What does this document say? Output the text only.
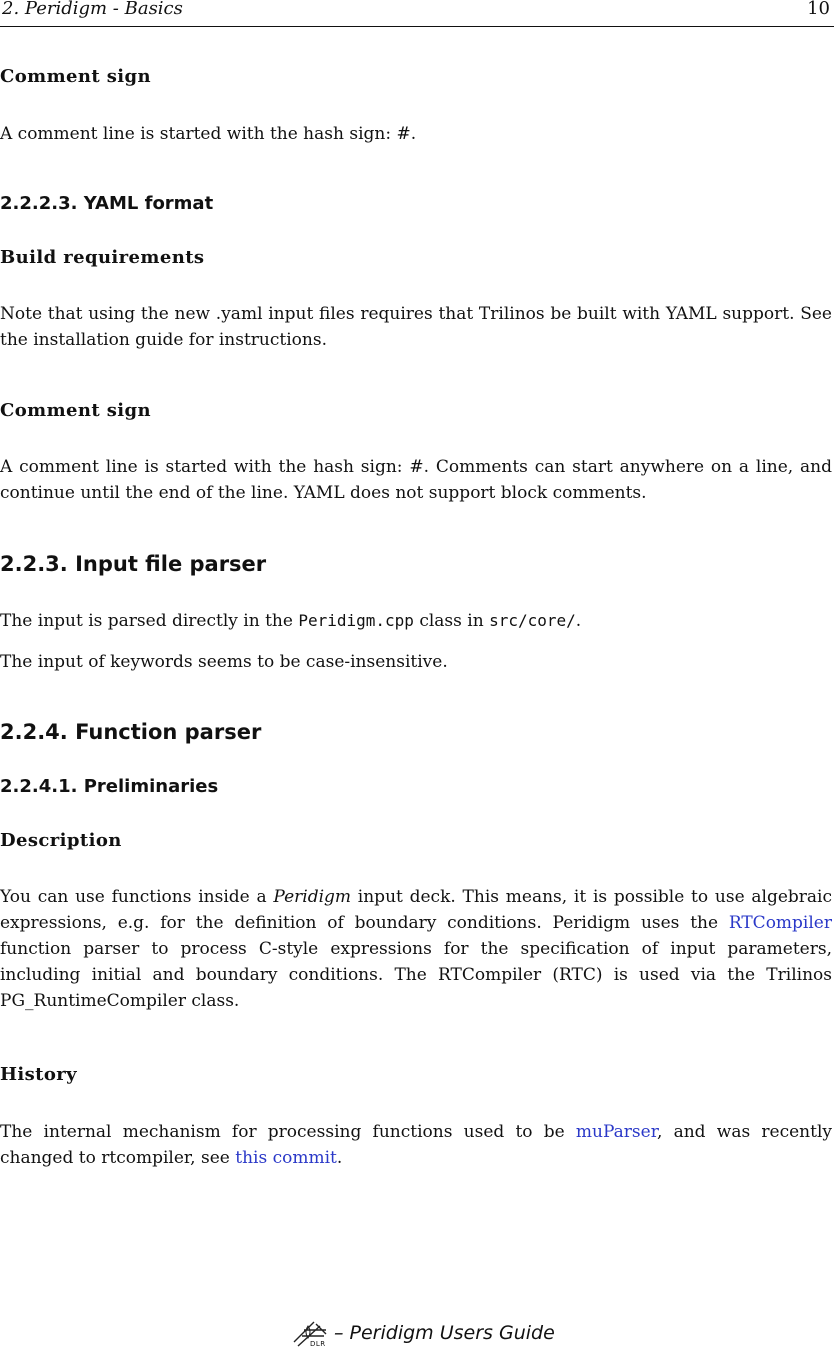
2. Peridigm - Basics	10
Comment sign
A comment line is started with the hash sign: #.
2.2.2.3. YAML format
Build requirements
Note that using the new .yaml input files requires that Trilinos be built with YAML support. See the installation guide for instructions.
Comment sign
A comment line is started with the hash sign: #. Comments can start anywhere on a line, and continue until the end of the line. YAML does not support block comments.
2.2.3. Input file parser
The input is parsed directly in the Peridigm.cpp class in src/core/.
The input of keywords seems to be case-insensitive.
2.2.4. Function parser
2.2.4.1. Preliminaries
Description
You can use functions inside a Peridigm input deck. This means, it is possible to use algebraic expressions, e.g. for the definition of boundary conditions. Peridigm uses the RTCompiler function parser to process C-style expressions for the specification of input parameters, including initial and boundary conditions. The RTCompiler (RTC) is used via the Trilinos PG_RuntimeCompiler class.
History
The internal mechanism for processing functions used to be muParser, and was recently changed to rtcompiler, see this commit.
DLR – Peridigm Users Guide
